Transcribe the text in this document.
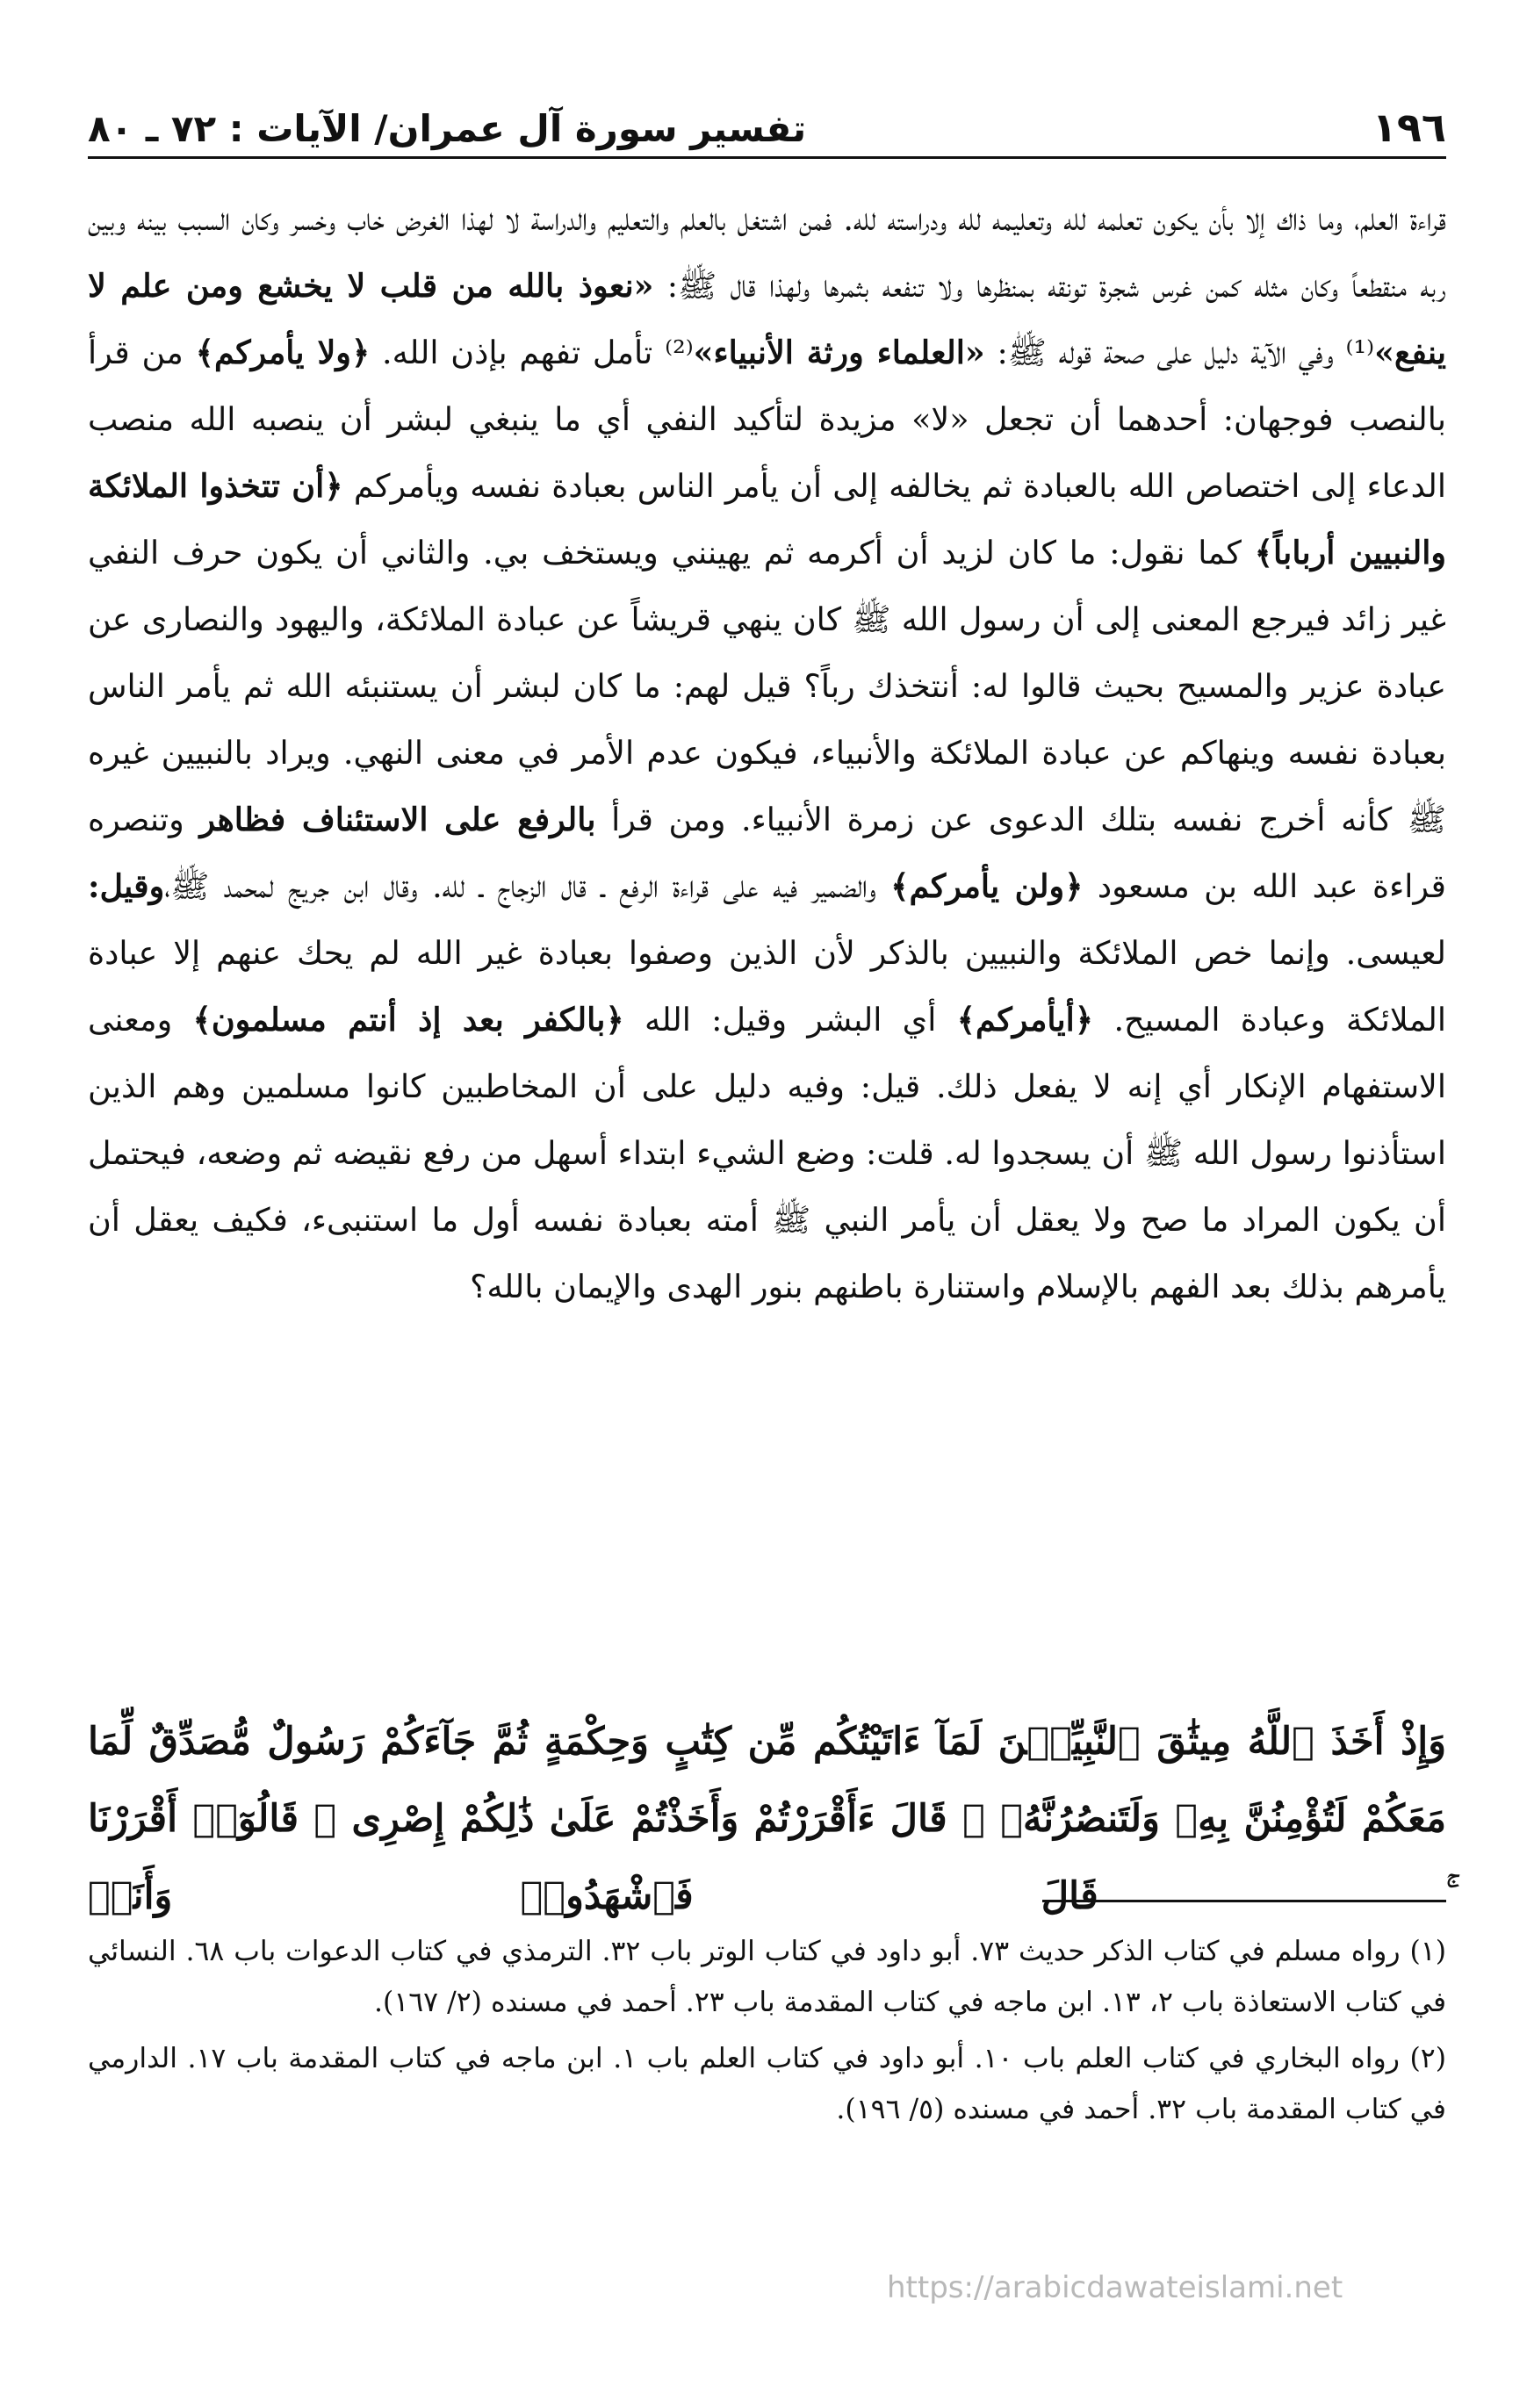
١٩٦
تفسير سورة آل عمران/ الآيات : ٧٢ ـ ٨٠

قراءة العلم، وما ذاك إلا بأن يكون تعلمه لله وتعليمه لله ودراسته لله. فمن اشتغل بالعلم والتعليم والدراسة لا لهذا الغرض خاب وخسر وكان السبب بينه وبين ربه منقطعاً وكان مثله كمن غرس شجرة تونقه بمنظرها ولا تنفعه بثمرها ولهذا قال ﷺ: «نعوذ بالله من قلب لا يخشع ومن علم لا ينفع»⁽¹⁾ وفي الآية دليل على صحة قوله ﷺ: «العلماء ورثة الأنبياء»⁽²⁾ تأمل تفهم بإذن الله. ﴿ولا يأمركم﴾ من قرأ بالنصب فوجهان: أحدهما أن تجعل «لا» مزيدة لتأكيد النفي أي ما ينبغي لبشر أن ينصبه الله منصب الدعاء إلى اختصاص الله بالعبادة ثم يخالفه إلى أن يأمر الناس بعبادة نفسه ويأمركم ﴿أن تتخذوا الملائكة والنبيين أرباباً﴾ كما نقول: ما كان لزيد أن أكرمه ثم يهينني ويستخف بي. والثاني أن يكون حرف النفي غير زائد فيرجع المعنى إلى أن رسول الله ﷺ كان ينهي قريشاً عن عبادة الملائكة، واليهود والنصارى عن عبادة عزير والمسيح بحيث قالوا له: أنتخذك رباً؟ قيل لهم: ما كان لبشر أن يستنبئه الله ثم يأمر الناس بعبادة نفسه وينهاكم عن عبادة الملائكة والأنبياء، فيكون عدم الأمر في معنى النهي. ويراد بالنبيين غيره ﷺ كأنه أخرج نفسه بتلك الدعوى عن زمرة الأنبياء. ومن قرأ بالرفع على الاستئناف فظاهر وتنصره قراءة عبد الله بن مسعود ﴿ولن يأمركم﴾ والضمير فيه على قراءة الرفع ـ قال الزجاج ـ لله. وقال ابن جريج لمحمد ﷺ،وقيل: لعيسى. وإنما خص الملائكة والنبيين بالذكر لأن الذين وصفوا بعبادة غير الله لم يحك عنهم إلا عبادة الملائكة وعبادة المسيح. ﴿أيأمركم﴾ أي البشر وقيل: الله ﴿بالكفر بعد إذ أنتم مسلمون﴾ ومعنى الاستفهام الإنكار أي إنه لا يفعل ذلك. قيل: وفيه دليل على أن المخاطبين كانوا مسلمين وهم الذين استأذنوا رسول الله ﷺ أن يسجدوا له. قلت: وضع الشيء ابتداء أسهل من رفع نقيضه ثم وضعه، فيحتمل أن يكون المراد ما صح ولا يعقل أن يأمر النبي ﷺ أمته بعبادة نفسه أول ما استنبىء، فكيف يعقل أن يأمرهم بذلك بعد الفهم بالإسلام واستنارة باطنهم بنور الهدى والإيمان بالله؟

وَإِذْ أَخَذَ ٱللَّهُ مِيثَٰقَ ٱلنَّبِيِّـۧنَ لَمَآ ءَاتَيْتُكُم مِّن كِتَٰبٍ وَحِكْمَةٍ ثُمَّ جَآءَكُمْ رَسُولٌ مُّصَدِّقٌ لِّمَا مَعَكُمْ لَتُؤْمِنُنَّ بِهِۦ وَلَتَنصُرُنَّهُۥ ۚ قَالَ ءَأَقْرَرْتُمْ وَأَخَذْتُمْ عَلَىٰ ذَٰلِكُمْ إِصْرِى ۖ قَالُوٓا۟ أَقْرَرْنَا ۚ قَالَ فَٱشْهَدُوا۟ وَأَنَا۠

(١) رواه مسلم في كتاب الذكر حديث ٧٣. أبو داود في كتاب الوتر باب ٣٢. الترمذي في كتاب الدعوات باب ٦٨. النسائي في كتاب الاستعاذة باب ٢، ١٣. ابن ماجه في كتاب المقدمة باب ٢٣. أحمد في مسنده (٢/ ١٦٧).

(٢) رواه البخاري في كتاب العلم باب ١٠. أبو داود في كتاب العلم باب ١. ابن ماجه في كتاب المقدمة باب ١٧. الدارمي في كتاب المقدمة باب ٣٢. أحمد في مسنده (٥/ ١٩٦).

https://arabicdawateislami.net
